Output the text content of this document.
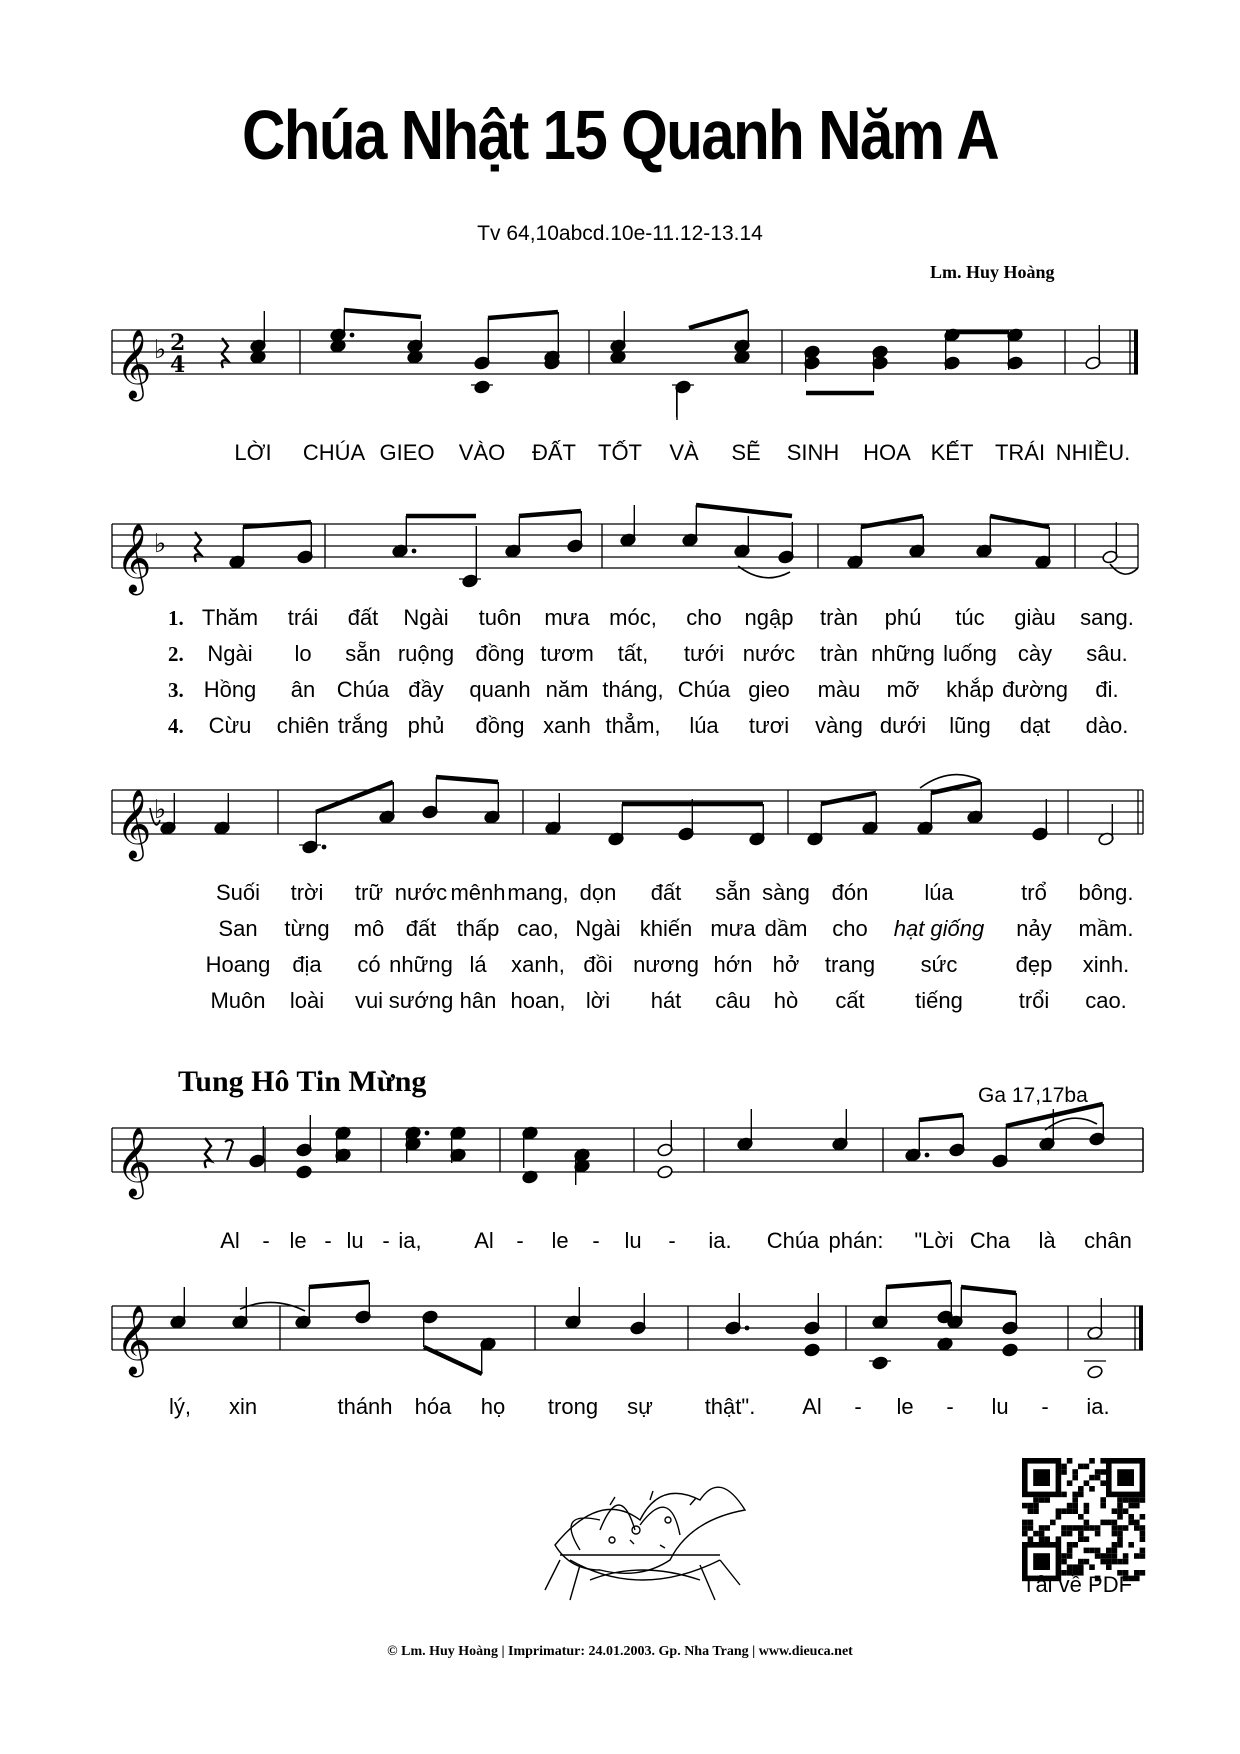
Chúa Nhật 15 Quanh Năm A
Tv 64,10abcd.10e-11.12-13.14
Lm. Huy Hoàng
Tung Hô Tin Mừng	Ga 17,17ba
𝄞 ♭ 2
4
𝄞 ♭
𝄞 ♭
𝄞
𝄞
LỜI CHÚA GIEO VÀO ĐẤT TỐT VÀ SẼ SINH HOA KẾT TRÁI NHIỀU.
1.
2.
3.
4.
Thăm trái đất Ngài tuôn mưa móc, cho ngập tràn phú túc giàu sang.
Ngài lo sẵn ruộng đồng tươm tất, tưới nước tràn những luống cày sâu.
Hồng ân Chúa đầy quanh năm tháng, Chúa gieo màu mỡ khắp đường đi.
Cừu chiên trắng phủ đồng xanh thẳm, lúa tươi vàng dưới lũng dạt dào.
Suối trời trữ nước mênh mang, dọn đất sẵn sàng đón	lúa	trổ bông.
San từng mô đất thấp cao, Ngài khiến mưa dầm cho hạt giống nảy mầm.
Hoang địa có những lá xanh, đồi nương hớn hở trang sức	đẹp xinh.
Muôn loài vui sướng hân hoan, lời hát câu hò cất tiếng	trổi cao.
Al - le - lu - ia, Al - le - lu - ia. Chúa phán: "Lời Cha là chân
lý, xin	thánh hóa họ trong sự thật". Al - le - lu - ia.
Tải về PDF
© Lm. Huy Hoàng | Imprimatur: 24.01.2003. Gp. Nha Trang | www.dieuca.net
